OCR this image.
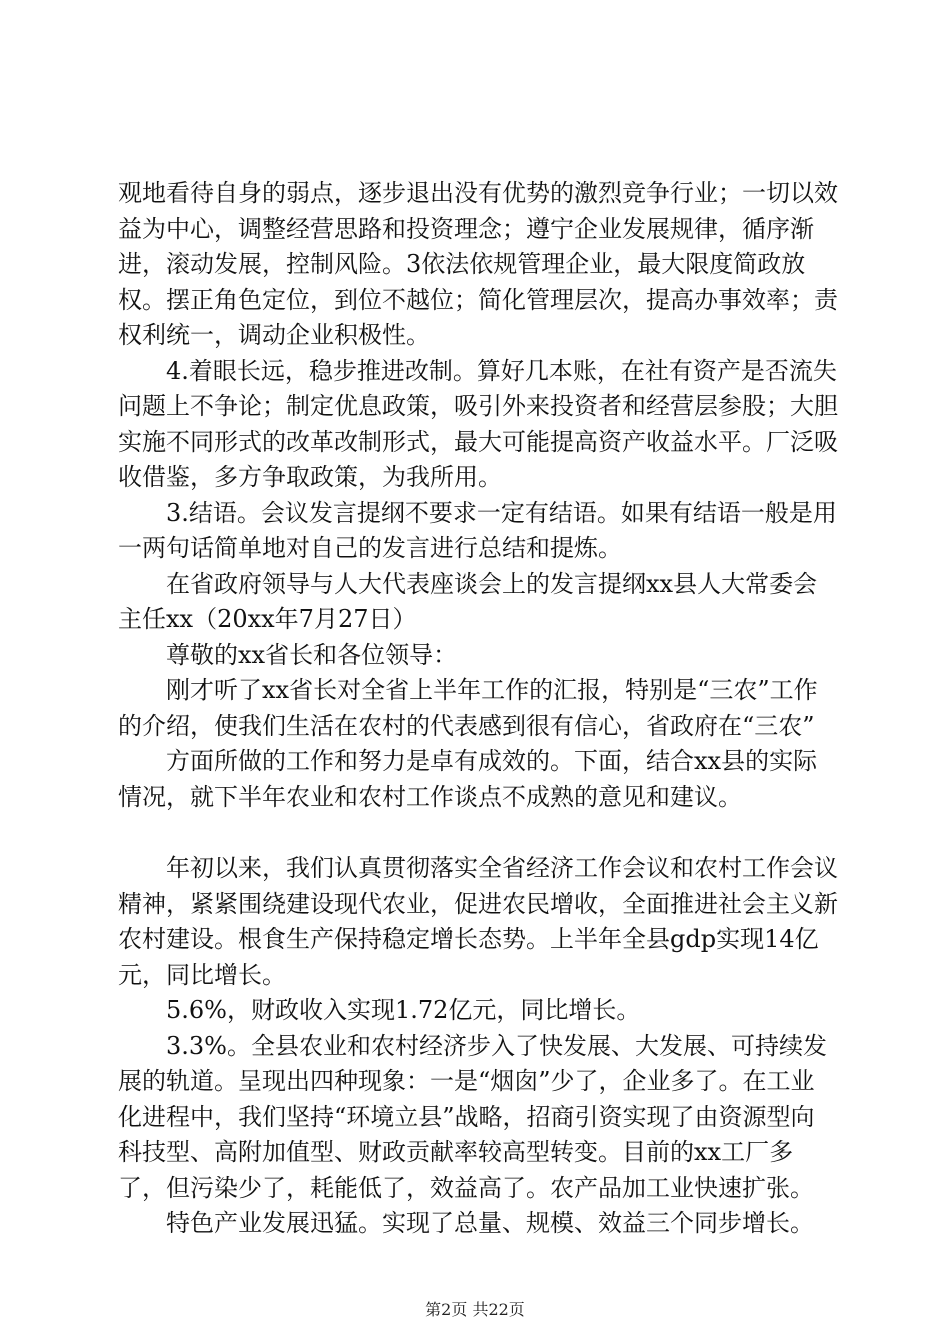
观地看待自身的弱点，逐步退出没有优势的激烈竞争行业；一切以效益为中心，调整经营思路和投资理念；遵宁企业发展规律，循序渐进，滚动发展，控制风险。3依法依规管理企业，最大限度简政放权。摆正角色定位，到位不越位；简化管理层次，提高办事效率；责权利统一，调动企业积极性。

4.着眼长远，稳步推进改制。算好几本账，在社有资产是否流失问题上不争论；制定优息政策，吸引外来投资者和经营层参股；大胆实施不同形式的改革改制形式，最大可能提高资产收益水平。厂泛吸收借鉴，多方争取政策，为我所用。

3.结语。会议发言提纲不要求一定有结语。如果有结语一般是用一两句话简单地对自己的发言进行总结和提炼。

在省政府领导与人大代表座谈会上的发言提纲xx县人大常委会主任xx（20xx年7月27日）

尊敬的xx省长和各位领导：

刚才听了xx省长对全省上半年工作的汇报，特别是“三农”工作的介绍，使我们生活在农村的代表感到很有信心，省政府在“三农”

方面所做的工作和努力是卓有成效的。下面，结合xx县的实际情况，就下半年农业和农村工作谈点不成熟的意见和建议。

年初以来，我们认真贯彻落实全省经济工作会议和农村工作会议精神，紧紧围绕建设现代农业，促进农民增收，全面推进社会主义新农村建设。根食生产保持稳定增长态势。上半年全县gdp实现14亿元，同比增长。

5.6%，财政收入实现1.72亿元，同比增长。

3.3%。全县农业和农村经济步入了快发展、大发展、可持续发展的轨道。呈现出四种现象：一是“烟囱”少了，企业多了。在工业化进程中，我们坚持“环境立县”战略，招商引资实现了由资源型向科技型、高附加值型、财政贡献率较高型转变。目前的xx工厂多了，但污染少了，耗能低了，效益高了。农产品加工业快速扩张。

特色产业发展迅猛。实现了总量、规模、效益三个同步增长。

第2页 共22页
